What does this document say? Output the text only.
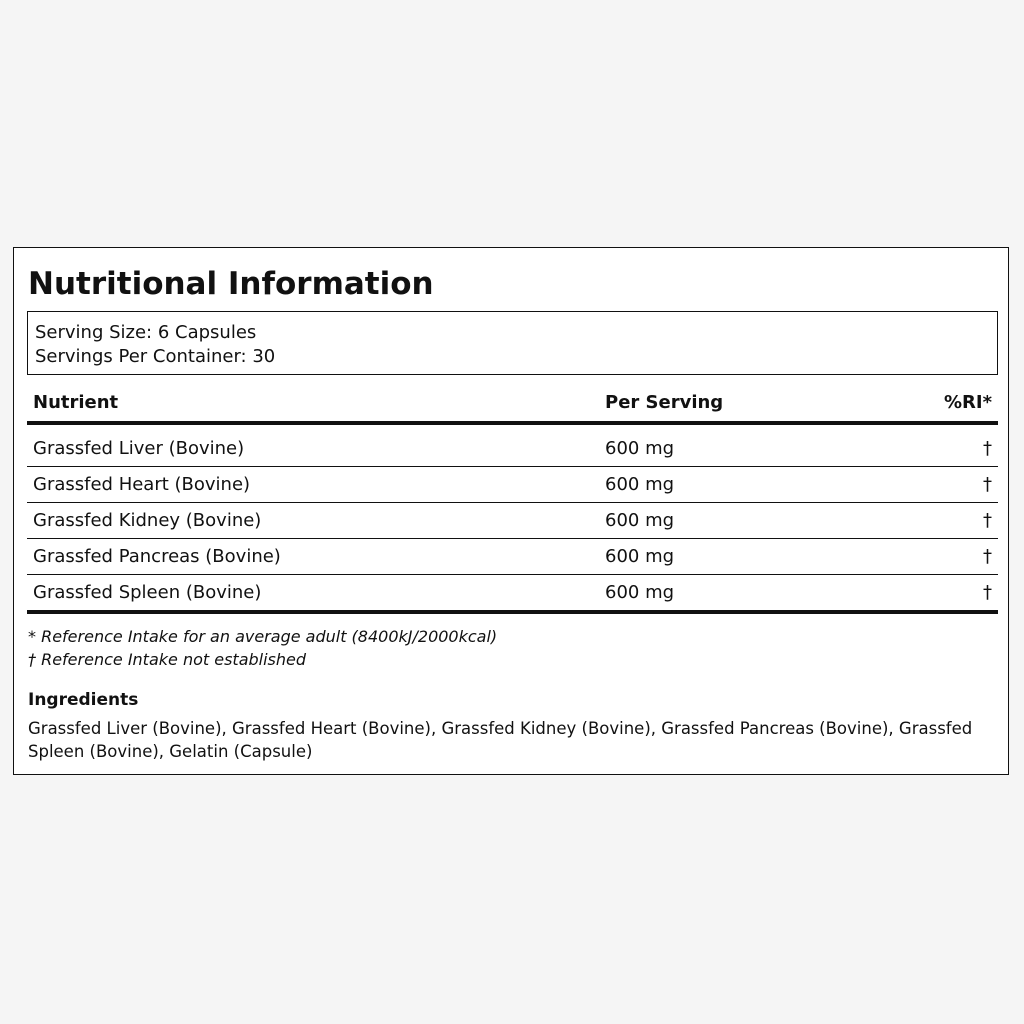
Nutritional Information
Serving Size: 6 Capsules
Servings Per Container: 30
Nutrient	Per Serving	%RI*
Grassfed Liver (Bovine)	600 mg	†
Grassfed Heart (Bovine)	600 mg	†
Grassfed Kidney (Bovine)	600 mg	†
Grassfed Pancreas (Bovine)	600 mg	†
Grassfed Spleen (Bovine)	600 mg	†
* Reference Intake for an average adult (8400kJ/2000kcal)
† Reference Intake not established
Ingredients

Grassfed Liver (Bovine), Grassfed Heart (Bovine), Grassfed Kidney (Bovine), Grassfed Pancreas (Bovine), Grassfed Spleen (Bovine), Gelatin (Capsule)
